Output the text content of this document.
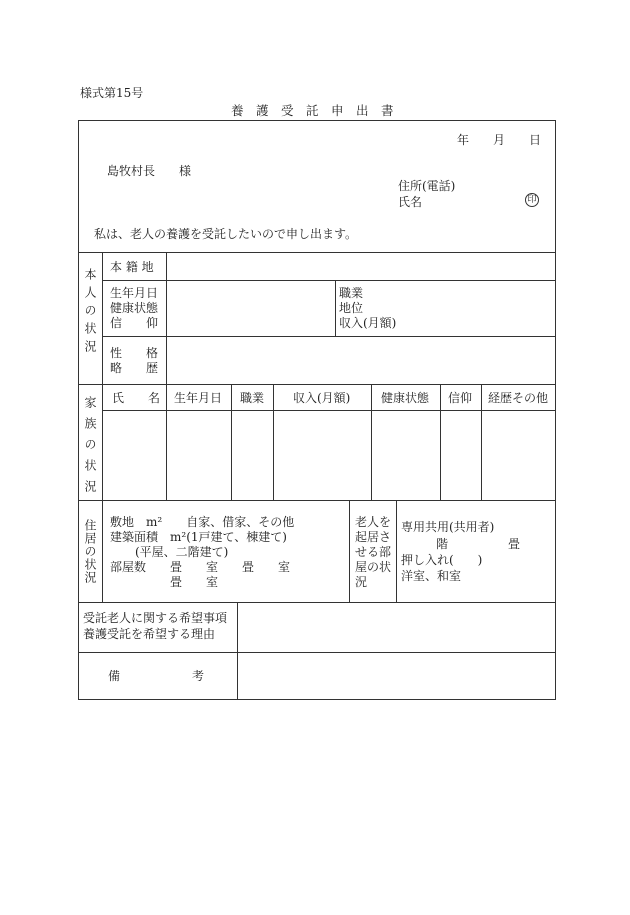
様式第15号
養　護　受　託　申　出　書
年 月 日
島牧村長　　様
住所(電話)
氏名	印
私は、老人の養護を受託したいので申し出ます。
本人の状況
本 籍 地
生年月日
健康状態
信　　仰
職業
地位
収入(月額)
性　　格
略　　歴
家族の状況 氏　　名 生年月日 職業 収入(月額)	健康状態 信仰 経歴その他
住居の状況 敷地　m²　　自家、借家、その他
建築面積　m²(1戸建て、棟建て)
(平屋、二階建て)
部屋数　　畳　　室　　畳　　室
畳　　室
老人を
起居さ
せる部
屋の状
況
専用共用(共用者)
階　　　　　畳
押し入れ(　　)
洋室、和室
受託老人に関する希望事項
養護受託を希望する理由
備　　　　　　考
